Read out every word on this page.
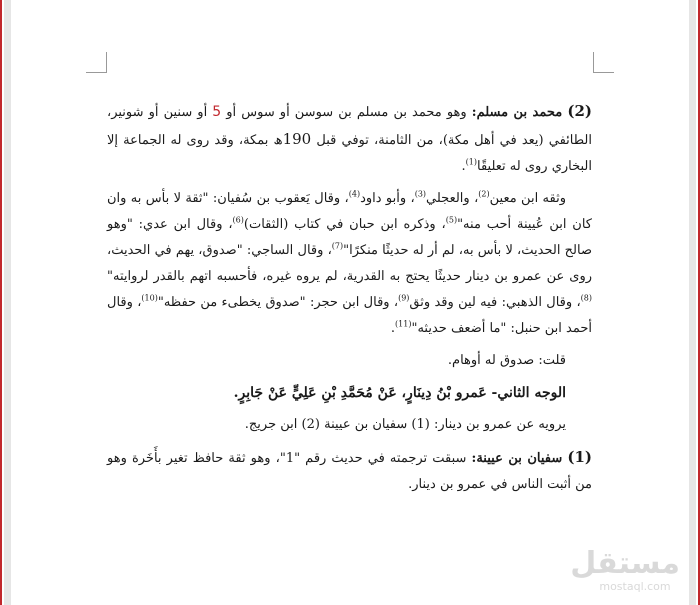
(2) محمد بن مسلم: وهو محمد بن مسلم بن سوسن أو سوس أو 5 أو سنين أو شونير، الطائفي (يعد في أهل مكة)، من الثامنة، توفي قبل 190ھ بمكة، وقد روى له الجماعة إلا البخاري روى له تعليقًا$^{(1)}$.

وثقه ابن معين$^{(2)}$، والعجلي$^{(3)}$، وأبو داود$^{(4)}$، وقال يَعقوب بن سُفيان: "ثقة لا بأس به وان كان ابن عُيينة أحب منه"$^{(5)}$، وذكره ابن حبان في كتاب (الثقات)$^{(6)}$، وقال ابن عدي: "وهو صالح الحديث، لا بأس به، لم أر له حديثًا منكرًا"$^{(7)}$، وقال الساجي: "صدوق، يهم في الحديث، روى عن عمرو بن دينار حديثًا يحتج به القدرية، لم يروه غيره، فأحسبه اتهم بالقدر لروايته"$^{(8)}$، وقال الذهبي: فيه لين وقد وثق$^{(9)}$، وقال ابن حجر: "صدوق يخطىء من حفظه"$^{(10)}$، وقال أحمد ابن حنبل: "ما أضعف حديثه"$^{(11)}$.

قلت: صدوق له أوهام.

الوجه الثاني- عَمرو بْنُ دِينَارٍ، عَنْ مُحَمَّدِ بْنِ عَلِيٍّ عَنْ جَابِرٍ.

يرويه عن عمرو بن دينار: (1) سفيان بن عيينة (2) ابن جريج.

(1) سفيان بن عيينة: سبقت ترجمته في حديث رقم "1"، وهو ثقة حافظ تغير بأَخَرة وهو من أثبت الناس في عمرو بن دينار.

مستقل
mostaql.com
